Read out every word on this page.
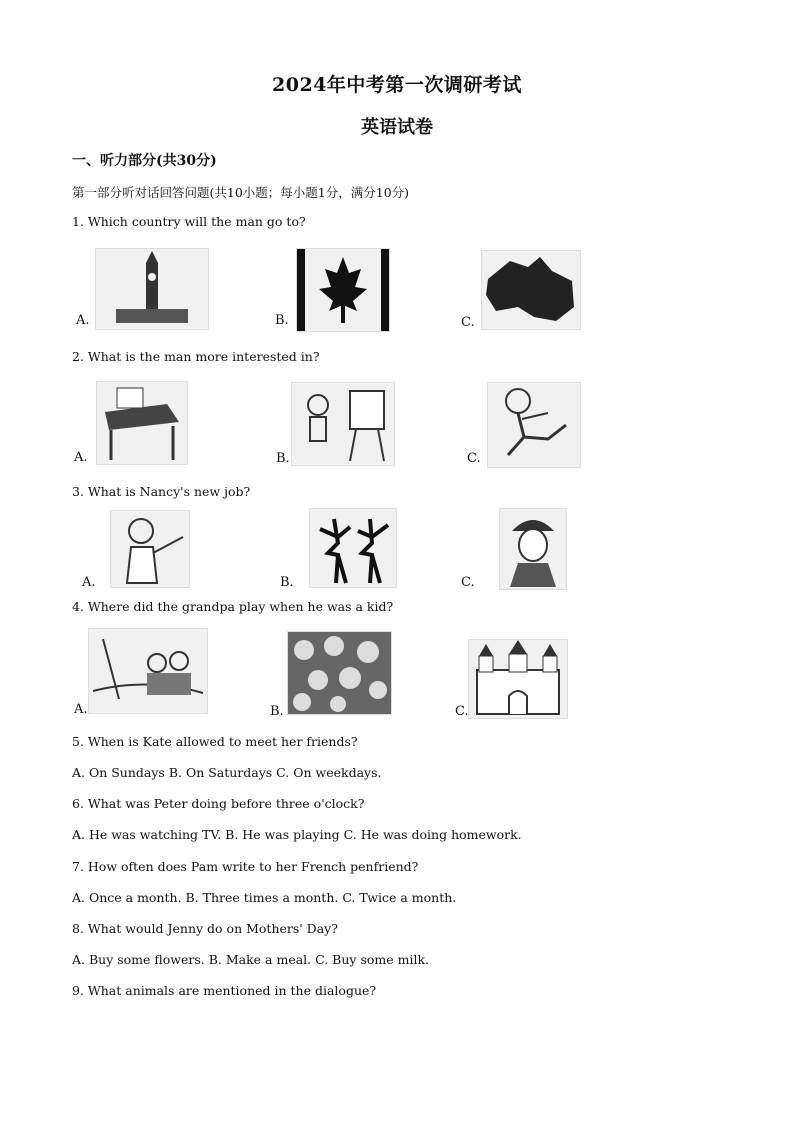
2024年中考第一次调研考试
英语试卷
一、听力部分(共30分)
第一部分听对话回答问题(共10小题；每小题1分，满分10分)
1. Which country will the man go to?
A.	B.	C.
2. What is the man more interested in?
A.	B.	C.
3. What is Nancy's new job?
A.	B.	C.
4. Where did the grandpa play when he was a kid?
A.	B.	C.
5. When is Kate allowed to meet her friends?
A. On Sundays B. On Saturdays C. On weekdays.
6. What was Peter doing before three o'clock?
A. He was watching TV. B. He was playing C. He was doing homework.
7. How often does Pam write to her French penfriend?
A. Once a month. B. Three times a month. C. Twice a month.
8. What would Jenny do on Mothers' Day?
A. Buy some flowers. B. Make a meal. C. Buy some milk.
9. What animals are mentioned in the dialogue?
